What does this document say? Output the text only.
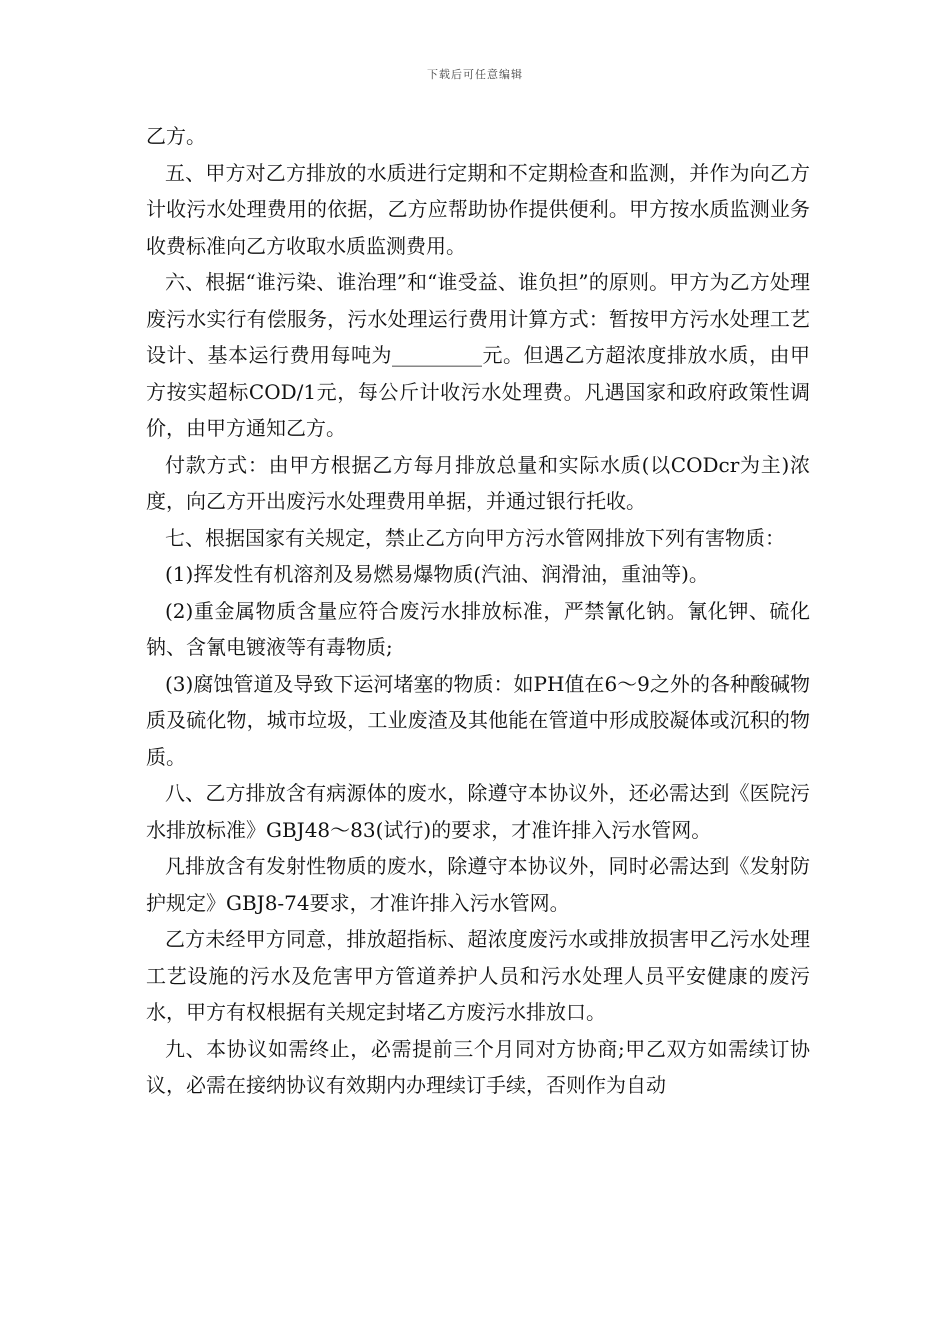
下载后可任意编辑

乙方。

五、甲方对乙方排放的水质进行定期和不定期检查和监测，并作为向乙方计收污水处理费用的依据，乙方应帮助协作提供便利。甲方按水质监测业务收费标准向乙方收取水质监测费用。

六、根据“谁污染、谁治理”和“谁受益、谁负担”的原则。甲方为乙方处理废污水实行有偿服务，污水处理运行费用计算方式：暂按甲方污水处理工艺设计、基本运行费用每吨为_________元。但遇乙方超浓度排放水质，由甲方按实超标COD/1元，每公斤计收污水处理费。凡遇国家和政府政策性调价，由甲方通知乙方。

付款方式：由甲方根据乙方每月排放总量和实际水质(以CODcr为主)浓度，向乙方开出废污水处理费用单据，并通过银行托收。

七、根据国家有关规定，禁止乙方向甲方污水管网排放下列有害物质：

(1)挥发性有机溶剂及易燃易爆物质(汽油、润滑油，重油等)。

(2)重金属物质含量应符合废污水排放标准，严禁氰化钠。氰化钾、硫化钠、含氰电镀液等有毒物质;

(3)腐蚀管道及导致下运河堵塞的物质：如PH值在6～9之外的各种酸碱物质及硫化物，城市垃圾，工业废渣及其他能在管道中形成胶凝体或沉积的物质。

八、乙方排放含有病源体的废水，除遵守本协议外，还必需达到《医院污水排放标准》GBJ48～83(试行)的要求，才准许排入污水管网。

凡排放含有发射性物质的废水，除遵守本协议外，同时必需达到《发射防护规定》GBJ8-74要求，才准许排入污水管网。

乙方未经甲方同意，排放超指标、超浓度废污水或排放损害甲乙污水处理工艺设施的污水及危害甲方管道养护人员和污水处理人员平安健康的废污水，甲方有权根据有关规定封堵乙方废污水排放口。

九、本协议如需终止，必需提前三个月同对方协商;甲乙双方如需续订协议，必需在接纳协议有效期内办理续订手续，否则作为自动
